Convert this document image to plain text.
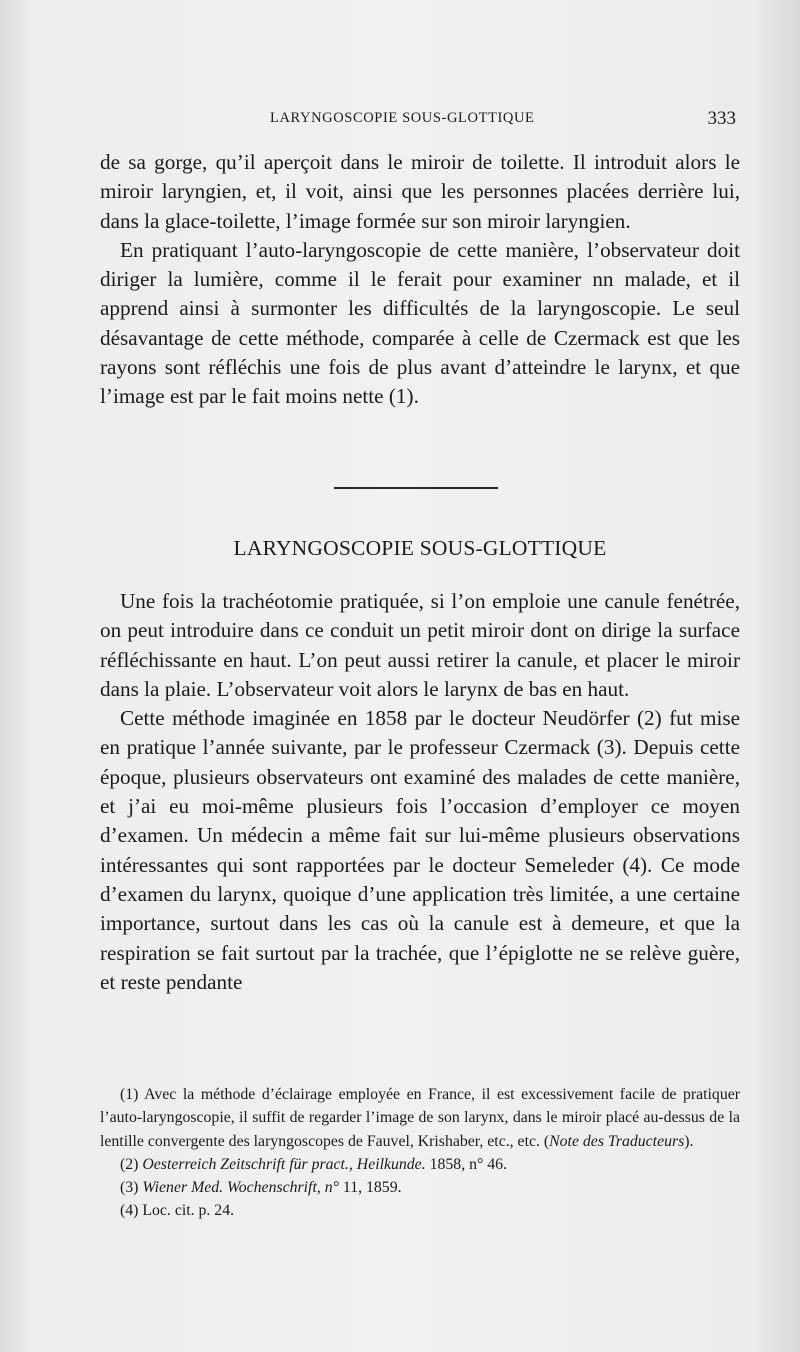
LARYNGOSCOPIE SOUS-GLOTTIQUE	333

de sa gorge, qu’il aperçoit dans le miroir de toilette. Il introduit alors le miroir laryngien, et, il voit, ainsi que les personnes placées derrière lui, dans la glace-toilette, l’image formée sur son miroir laryngien.

En pratiquant l’auto-laryngoscopie de cette manière, l’observateur doit diriger la lumière, comme il le ferait pour examiner nn malade, et il apprend ainsi à surmonter les difficultés de la laryngoscopie. Le seul désavantage de cette méthode, comparée à celle de Czermack est que les rayons sont réfléchis une fois de plus avant d’atteindre le larynx, et que l’image est par le fait moins nette (1).

LARYNGOSCOPIE SOUS-GLOTTIQUE

Une fois la trachéotomie pratiquée, si l’on emploie une canule fenétrée, on peut introduire dans ce conduit un petit miroir dont on dirige la surface réfléchissante en haut. L’on peut aussi retirer la canule, et placer le miroir dans la plaie. L’observateur voit alors le larynx de bas en haut.

Cette méthode imaginée en 1858 par le docteur Neudörfer (2) fut mise en pratique l’année suivante, par le professeur Czermack (3). Depuis cette époque, plusieurs observateurs ont examiné des malades de cette manière, et j’ai eu moi-même plusieurs fois l’occasion d’employer ce moyen d’examen. Un médecin a même fait sur lui-même plusieurs observations intéressantes qui sont rapportées par le docteur Semeleder (4). Ce mode d’examen du larynx, quoique d’une application très limitée, a une certaine importance, surtout dans les cas où la canule est à demeure, et que la respiration se fait surtout par la trachée, que l’épiglotte ne se relève guère, et reste pendante

(1) Avec la méthode d’éclairage employée en France, il est excessivement facile de pratiquer l’auto-laryngoscopie, il suffit de regarder l’image de son larynx, dans le miroir placé au-dessus de la lentille convergente des laryngoscopes de Fauvel, Krishaber, etc., etc. (Note des Traducteurs).

(2) Oesterreich Zeitschrift für pract., Heilkunde. 1858, n° 46.

(3) Wiener Med. Wochenschrift, n° 11, 1859.

(4) Loc. cit. p. 24.
